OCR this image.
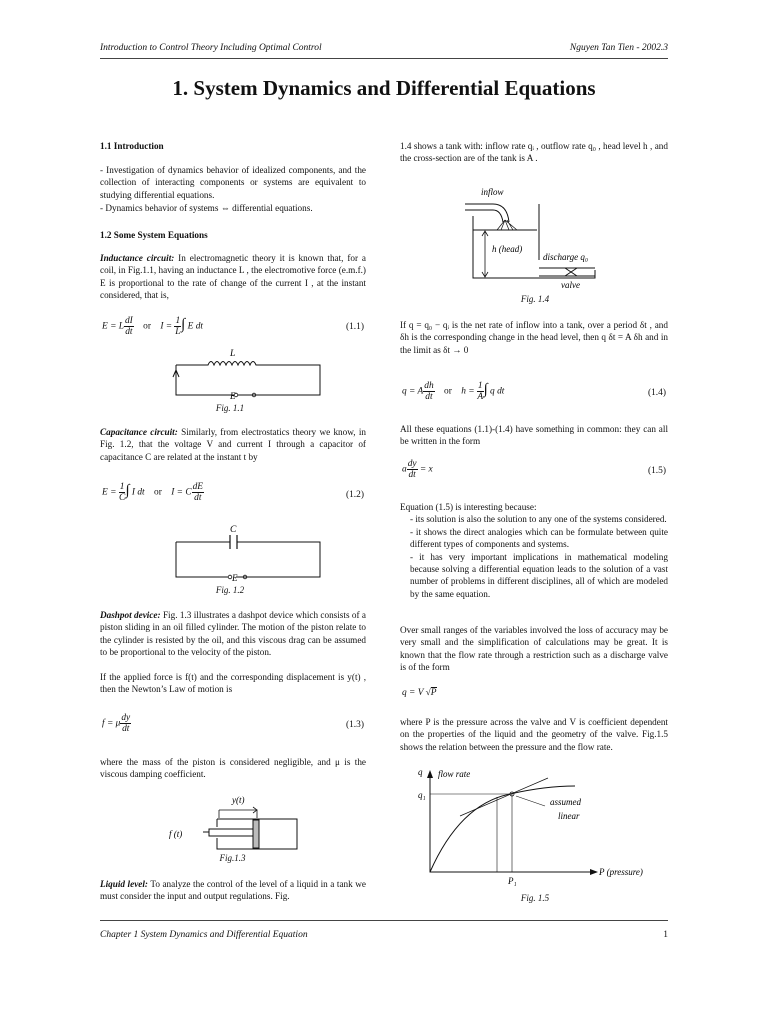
Introduction to Control Theory Including Optimal Control	Nguyen Tan Tien - 2002.3
1. System Dynamics and Differential Equations

1.1 Introduction

- Investigation of dynamics behavior of idealized components, and the collection of interacting components or systems are equivalent to studying differential equations.

- Dynamics behavior of systems ⇔ differential equations.

1.2 Some System Equations

Inductance circuit: In electromagnetic theory it is known that, for a coil, in Fig.1.1, having an inductance L , the electromotive force (e.m.f.) E is proportional to the rate of change of the current I , at the instant considered, that is,

Capacitance circuit: Similarly, from electrostatics theory we know, in Fig. 1.2, that the voltage V and current I through a capacitor of capacitance C are related at the instant t by

Dashpot device: Fig. 1.3 illustrates a dashpot device which consists of a piston sliding in an oil filled cylinder. The motion of the piston relate to the cylinder is resisted by the oil, and this viscous drag can be assumed to be proportional to the velocity of the piston.

If the applied force is f(t) and the corresponding displacement is y(t) , then the Newton’s Law of motion is

where the mass of the piston is considered negligible, and μ is the viscous damping coefficient.

Liquid level: To analyze the control of the level of a liquid in a tank we must consider the input and output regulations. Fig.

E = L $\frac{dI}{dt}$ or    $I = \frac{1}{L}$ ∫ E dt	(1.1)
L
E
Fig. 1.1
$E = \frac{1}{C}$ ∫ I dt    or    I = C $\frac{dE}{dt}$	(1.2)
C
E
Fig. 1.2
f = μ $\frac{dy}{dt}$	(1.3)
y(t)
f (t)
Fig.1.3

1.4 shows a tank with: inflow rate qᵢ , outflow rate q₀ , head level h , and the cross-section are of the tank is A .

If q = q₀ − qᵢ is the net rate of inflow into a tank, over a period δt , and δh is the corresponding change in the head level, then q δt = A δh and in the limit as δt → 0

All these equations (1.1)-(1.4) have something in common: they can all be written in the form

Equation (1.5) is interesting because:
- its solution is also the solution to any one of the systems considered.
- it shows the direct analogies which can be formulate between quite different types of components and systems.
- it has very important implications in mathematical modeling because solving a differential equation leads to the solution of a vast number of problems in different disciplines, all of which are modeled by the same equation.

Over small ranges of the variables involved the loss of accuracy may be very small and the simplification of calculations may be great. It is known that the flow rate through a restriction such as a discharge valve is of the form

where P is the pressure across the valve and V is coefficient dependent on the properties of the liquid and the geometry of the valve. Fig.1.5 shows the relation between the pressure and the flow rate.

inflow
h (head)
discharge q₀
valve
Fig. 1.4
q = A $\frac{dh}{dt}$ or    $h = \frac{1}{A}$ ∫ q dt	(1.4)
a $\frac{dy}{dt} = x$	(1.5)
q = V √P
q flow rate
q₁
assumed
linear
P₁
P (pressure)
Fig. 1.5
Chapter 1 System Dynamics and Differential Equation	1
